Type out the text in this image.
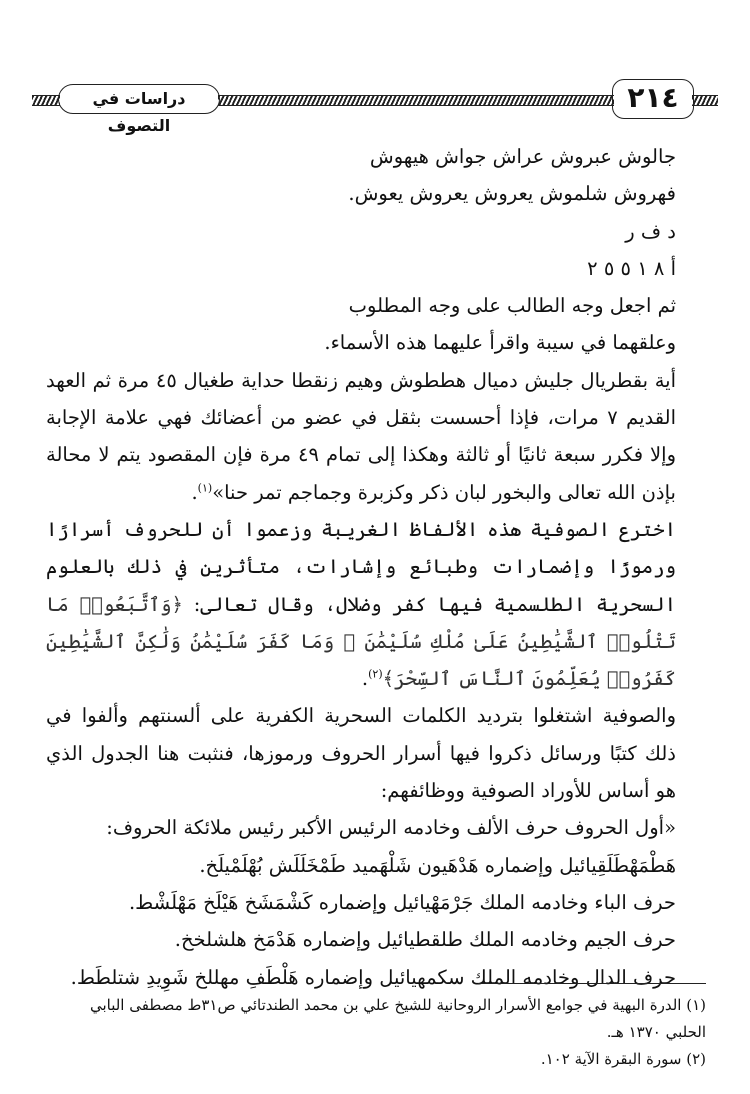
دراسات في التصوف
٢١٤

جالوش عبروش عراش جواش هيهوش

فهروش شلموش يعروش يعروش يعوش.

د ف ر

أ ٨ ١ ٥ ٥ ٢

ثم اجعل وجه الطالب على وجه المطلوب

وعلقهما في سيبة واقرأ عليهما هذه الأسماء.

أية بقطريال جليش دميال هططوش وهيم زنقطا حداية طغيال ٤٥ مرة ثم العهد القديم ٧ مرات، فإذا أحسست بثقل في عضو من أعضائك فهي علامة الإجابة وإلا فكرر سبعة ثانيًا أو ثالثة وهكذا إلى تمام ٤٩ مرة فإن المقصود يتم لا محالة بإذن الله تعالى والبخور لبان ذكر وكزبرة وجماجم تمر حنا»$^{(١)}$.

اخترع الصوفية هذه الألفاظ الغريبة وزعموا أن للحروف أسرارًا ورموزًا وإضمارات وطبائع وإشارات، متأثرين في ذلك بالعلوم السحرية الطلسمية فيها كفر وضلال، وقال تعالى: ﴿وَٱتَّبَعُوا۟ مَا تَتْلُوا۟ ٱلشَّيَٰطِينُ عَلَىٰ مُلْكِ سُلَيْمَٰنَ ۖ وَمَا كَفَرَ سُلَيْمَٰنُ وَلَٰكِنَّ ٱلشَّيَٰطِينَ كَفَرُوا۟ يُعَلِّمُونَ ٱلنَّاسَ ٱلسِّحْرَ﴾$^{(٢)}$.

والصوفية اشتغلوا بترديد الكلمات السحرية الكفرية على ألسنتهم وألفوا في ذلك كتبًا ورسائل ذكروا فيها أسرار الحروف ورموزها، فنثبت هنا الجدول الذي هو أساس للأوراد الصوفية ووظائفهم:

«أول الحروف حرف الألف وخادمه الرئيس الأكبر رئيس ملائكة الحروف:

هَطْمَهْطَلَقِيائيل وإضماره هَدْهَيون شَلْهَميد طَمْخَلَلَش بُهْلَمْيلَخ.

حرف الباء وخادمه الملك جَرْمَهْيائيل وإضماره كَشْمَشَخ هَيْلَخ مَهْلَشْط.

حرف الجيم وخادمه الملك طلقطيائيل وإضماره هَدْمَخ هلشلخخ.

حرف الدال وخادمه الملك سكمهيائيل وإضماره هَلْطَفِ مهللخ شَوِيدِ شتلطَط.

(١) الدرة البهية في جوامع الأسرار الروحانية للشيخ علي بن محمد الطندتائي ص٣١ط مصطفى البابي الحلبي ١٣٧٠ هـ.

(٢) سورة البقرة الآية ١٠٢.
